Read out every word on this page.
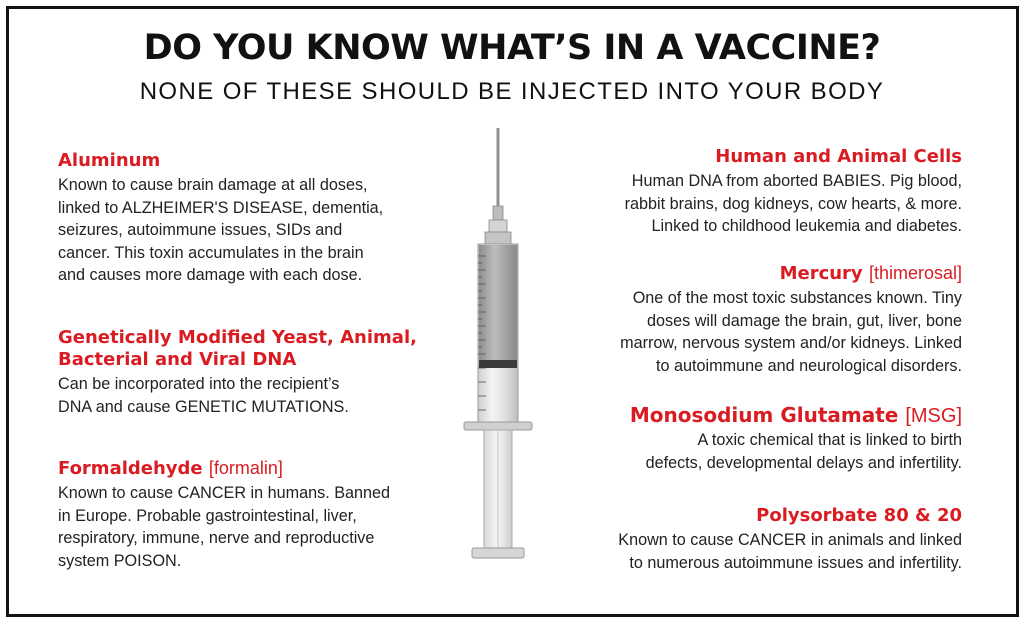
DO YOU KNOW WHAT’S IN A VACCINE?
NONE OF THESE SHOULD BE INJECTED INTO YOUR BODY
Aluminum

Known to cause brain damage at all doses,
linked to ALZHEIMER'S DISEASE, dementia,
seizures, autoimmune issues, SIDs and
cancer. This toxin accumulates in the brain
and causes more damage with each dose.

Genetically Modified Yeast, Animal,
Bacterial and Viral DNA

Can be incorporated into the recipient’s
DNA and cause GENETIC MUTATIONS.

Formaldehyde [formalin]

Known to cause CANCER in humans. Banned
in Europe. Probable gastrointestinal, liver,
respiratory, immune, nerve and reproductive
system POISON.

Human and Animal Cells

Human DNA from aborted BABIES. Pig blood,
rabbit brains, dog kidneys, cow hearts, & more.
Linked to childhood leukemia and diabetes.

Mercury [thimerosal]

One of the most toxic substances known. Tiny
doses will damage the brain, gut, liver, bone
marrow, nervous system and/or kidneys. Linked
to autoimmune and neurological disorders.

Monosodium Glutamate [MSG]

A toxic chemical that is linked to birth
defects, developmental delays and infertility.

Polysorbate 80 & 20

Known to cause CANCER in animals and linked
to numerous autoimmune issues and infertility.
